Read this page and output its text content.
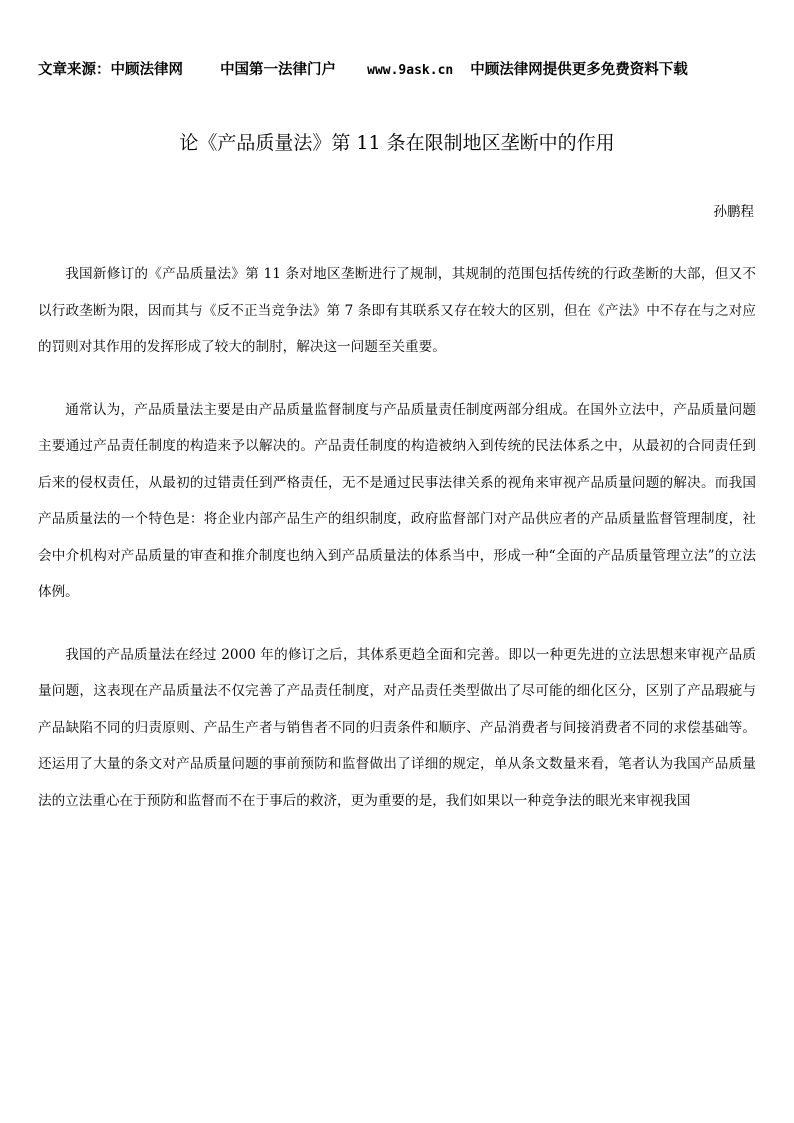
文章来源：中顾法律网	中国第一法律门户 www.9ask.cn 中顾法律网提供更多免费资料下载
论《产品质量法》第 11 条在限制地区垄断中的作用
孙鹏程

我国新修订的《产品质量法》第 11 条对地区垄断进行了规制，其规制的范围包括传统的行政垄断的大部，但又不以行政垄断为限，因而其与《反不正当竞争法》第 7 条即有其联系又存在较大的区别，但在《产法》中不存在与之对应的罚则对其作用的发挥形成了较大的制肘，解决这一问题至关重要。

通常认为，产品质量法主要是由产品质量监督制度与产品质量责任制度两部分组成。在国外立法中，产品质量问题主要通过产品责任制度的构造来予以解决的。产品责任制度的构造被纳入到传统的民法体系之中，从最初的合同责任到后来的侵权责任，从最初的过错责任到严格责任，无不是通过民事法律关系的视角来审视产品质量问题的解决。而我国产品质量法的一个特色是：将企业内部产品生产的组织制度，政府监督部门对产品供应者的产品质量监督管理制度，社会中介机构对产品质量的审查和推介制度也纳入到产品质量法的体系当中，形成一种“全面的产品质量管理立法”的立法体例。

我国的产品质量法在经过 2000 年的修订之后，其体系更趋全面和完善。即以一种更先进的立法思想来审视产品质量问题，这表现在产品质量法不仅完善了产品责任制度，对产品责任类型做出了尽可能的细化区分，区别了产品瑕疵与产品缺陷不同的归责原则、产品生产者与销售者不同的归责条件和顺序、产品消费者与间接消费者不同的求偿基础等。还运用了大量的条文对产品质量问题的事前预防和监督做出了详细的规定，单从条文数量来看，笔者认为我国产品质量法的立法重心在于预防和监督而不在于事后的救济，更为重要的是，我们如果以一种竞争法的眼光来审视我国
